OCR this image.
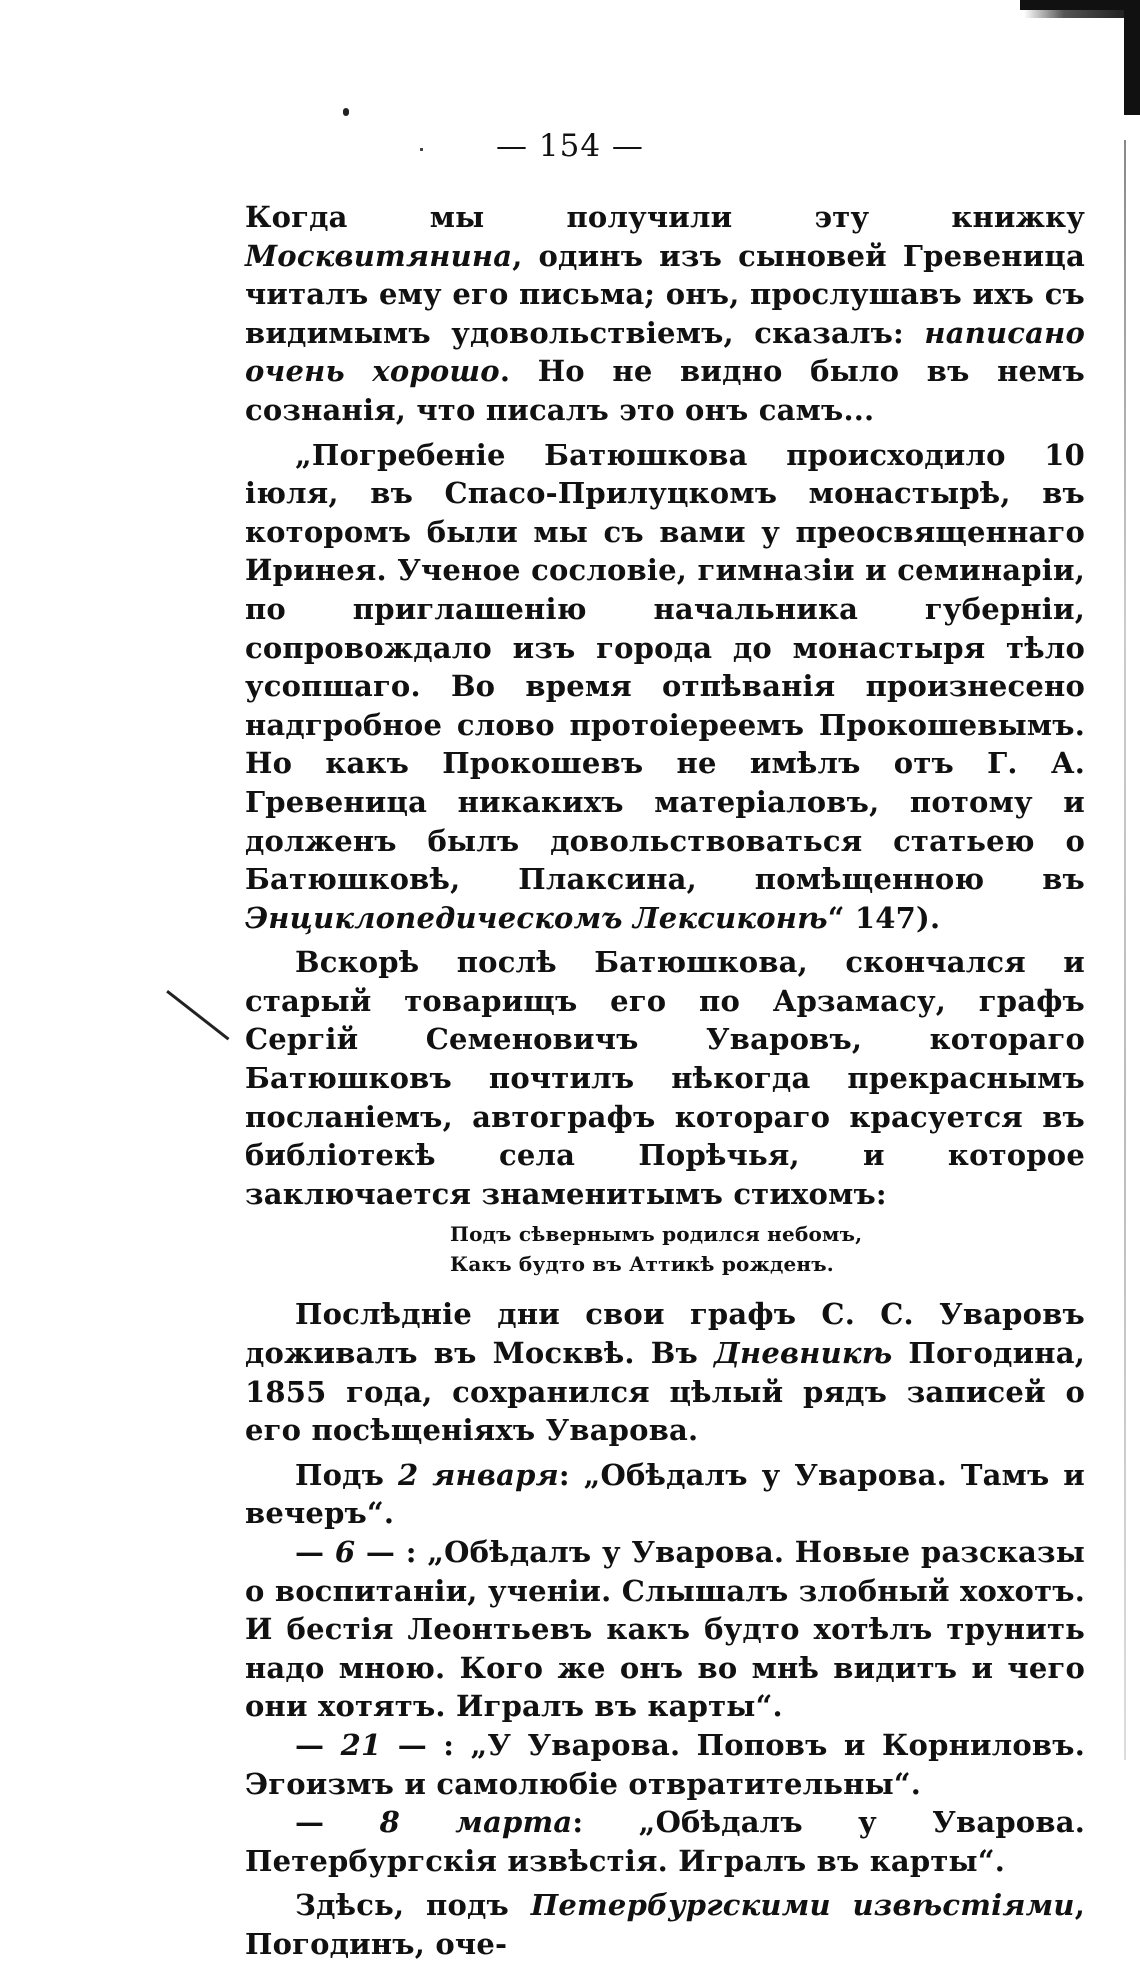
— 154 —

Когда мы получили эту книжку Москвитянина, одинъ изъ сыновей Гревеница читалъ ему его письма; онъ, прослушавъ ихъ съ видимымъ удовольствіемъ, сказалъ: написано очень хорошо. Но не видно было въ немъ сознанія, что писалъ это онъ самъ...

„Погребеніе Батюшкова происходило 10 іюля, въ Спасо-Прилуцкомъ монастырѣ, въ которомъ были мы съ вами у преосвященнаго Иринея. Ученое сословіе, гимназіи и семинаріи, по приглашенію начальника губерніи, сопровождало изъ города до монастыря тѣло усопшаго. Во время отпѣванія произнесено надгробное слово протоіереемъ Прокошевымъ. Но какъ Прокошевъ не имѣлъ отъ Г. А. Гревеница никакихъ матеріаловъ, потому и долженъ былъ довольствоваться статьею о Батюшковѣ, Плаксина, помѣщенною въ Энциклопедическомъ Лексиконѣ“ 147).

Вскорѣ послѣ Батюшкова, скончался и старый товарищъ его по Арзамасу, графъ Сергій Семеновичъ Уваровъ, котораго Батюшковъ почтилъ нѣкогда прекраснымъ посланіемъ, автографъ котораго красуется въ библіотекѣ села Порѣчья, и которое заключается знаменитымъ стихомъ:

Подъ сѣвернымъ родился небомъ,
Какъ будто въ Аттикѣ рожденъ.

Послѣдніе дни свои графъ С. С. Уваровъ доживалъ въ Москвѣ. Въ Дневникѣ Погодина, 1855 года, сохранился цѣлый рядъ записей о его посѣщеніяхъ Уварова.

Подъ 2 января: „Обѣдалъ у Уварова. Тамъ и вечеръ“.

— 6 — : „Обѣдалъ у Уварова. Новые разсказы о воспитаніи, ученіи. Слышалъ злобный хохотъ. И бестія Леонтьевъ какъ будто хотѣлъ трунить надо мною. Кого же онъ во мнѣ видитъ и чего они хотятъ. Игралъ въ карты“.

— 21 — : „У Уварова. Поповъ и Корниловъ. Эгоизмъ и самолюбіе отвратительны“.

— 8 марта: „Обѣдалъ у Уварова. Петербургскія извѣстія. Игралъ въ карты“.

Здѣсь, подъ Петербургскими извѣстіями, Погодинъ, оче-
